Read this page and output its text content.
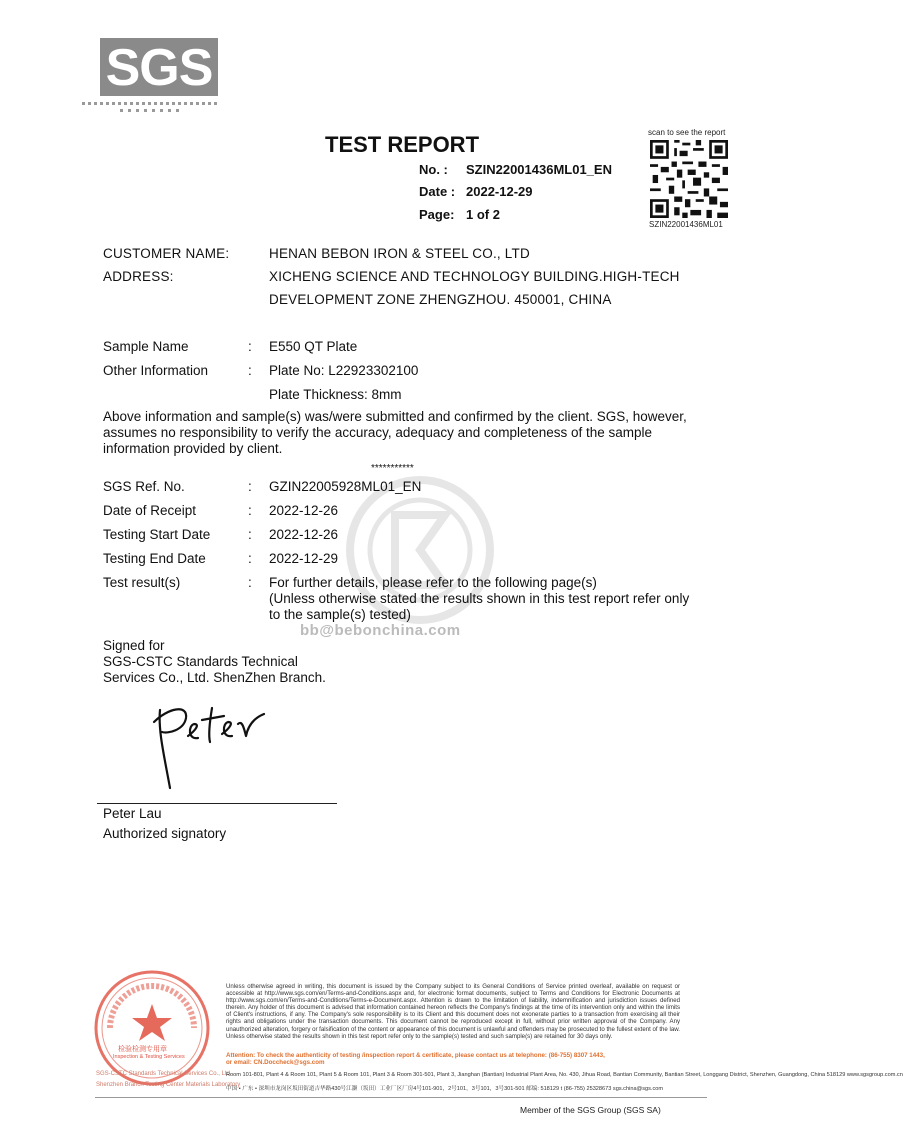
SGS
TEST REPORT
No. : SZIN22001436ML01_EN
Date : 2022-12-29
Page: 1 of 2
scan to see the report
SZIN22001436ML01
CUSTOMER NAME:	HENAN BEBON IRON & STEEL CO., LTD
ADDRESS:	XICHENG SCIENCE AND TECHNOLOGY BUILDING.HIGH-TECH
DEVELOPMENT ZONE ZHENGZHOU. 450001, CHINA
Sample Name	: E550 QT Plate
Other Information	: Plate No: L22923302100
Plate Thickness: 8mm
Above information and sample(s) was/were submitted and confirmed by the client. SGS, however, assumes no responsibility to verify the accuracy, adequacy and completeness of the sample information provided by client.
***********
bb@bebonchina.com
SGS Ref. No.	: GZIN22005928ML01_EN
Date of Receipt	: 2022-12-26
Testing Start Date	: 2022-12-26
Testing End Date	: 2022-12-29
Test result(s)	: For further details, please refer to the following page(s)
(Unless otherwise stated the results shown in this test report refer only
to the sample(s) tested)
Signed for
SGS-CSTC Standards Technical
Services Co., Ltd. ShenZhen Branch.
Peter Lau
Authorized signatory
检验检测专用章
Inspection & Testing Services
SGS-CSTC Standards Technical Services Co., Ltd.
Shenzhen Branch Testing Center Materials Laboratory
Unless otherwise agreed in writing, this document is issued by the Company subject to its General Conditions of Service printed overleaf, available on request or accessible at http://www.sgs.com/en/Terms-and-Conditions.aspx and, for electronic format documents, subject to Terms and Conditions for Electronic Documents at http://www.sgs.com/en/Terms-and-Conditions/Terms-e-Document.aspx. Attention is drawn to the limitation of liability, indemnification and jurisdiction issues defined therein. Any holder of this document is advised that information contained hereon reflects the Company's findings at the time of its intervention only and within the limits of Client's instructions, if any. The Company's sole responsibility is to its Client and this document does not exonerate parties to a transaction from exercising all their rights and obligations under the transaction documents. This document cannot be reproduced except in full, without prior written approval of the Company. Any unauthorized alteration, forgery or falsification of the content or appearance of this document is unlawful and offenders may be prosecuted to the fullest extent of the law. Unless otherwise stated the results shown in this test report refer only to the sample(s) tested and such sample(s) are retained for 30 days only.
Attention: To check the authenticity of testing /inspection report & certificate, please contact us at telephone: (86-755) 8307 1443,
or email: CN.Doccheck@sgs.com
Room 101-801, Plant 4 & Room 101, Plant 5 & Room 101, Plant 3 & Room 301-501, Plant 3, Jianghan (Bantian) Industrial Plant Area, No. 430, Jihua Road, Bantian Community, Bantian Street, Longgang District, Shenzhen, Guangdong, China 518129 www.sgsgroup.com.cn
中国 • 广东 • 深圳市龙岗区坂田街道吉华路430号江灏（坂田）工业厂区厂房4号101-901，2号101，3号101，3号301-501 邮编: 518129 t (86-755) 25328673 sgs.china@sgs.com
Member of the SGS Group (SGS SA)
